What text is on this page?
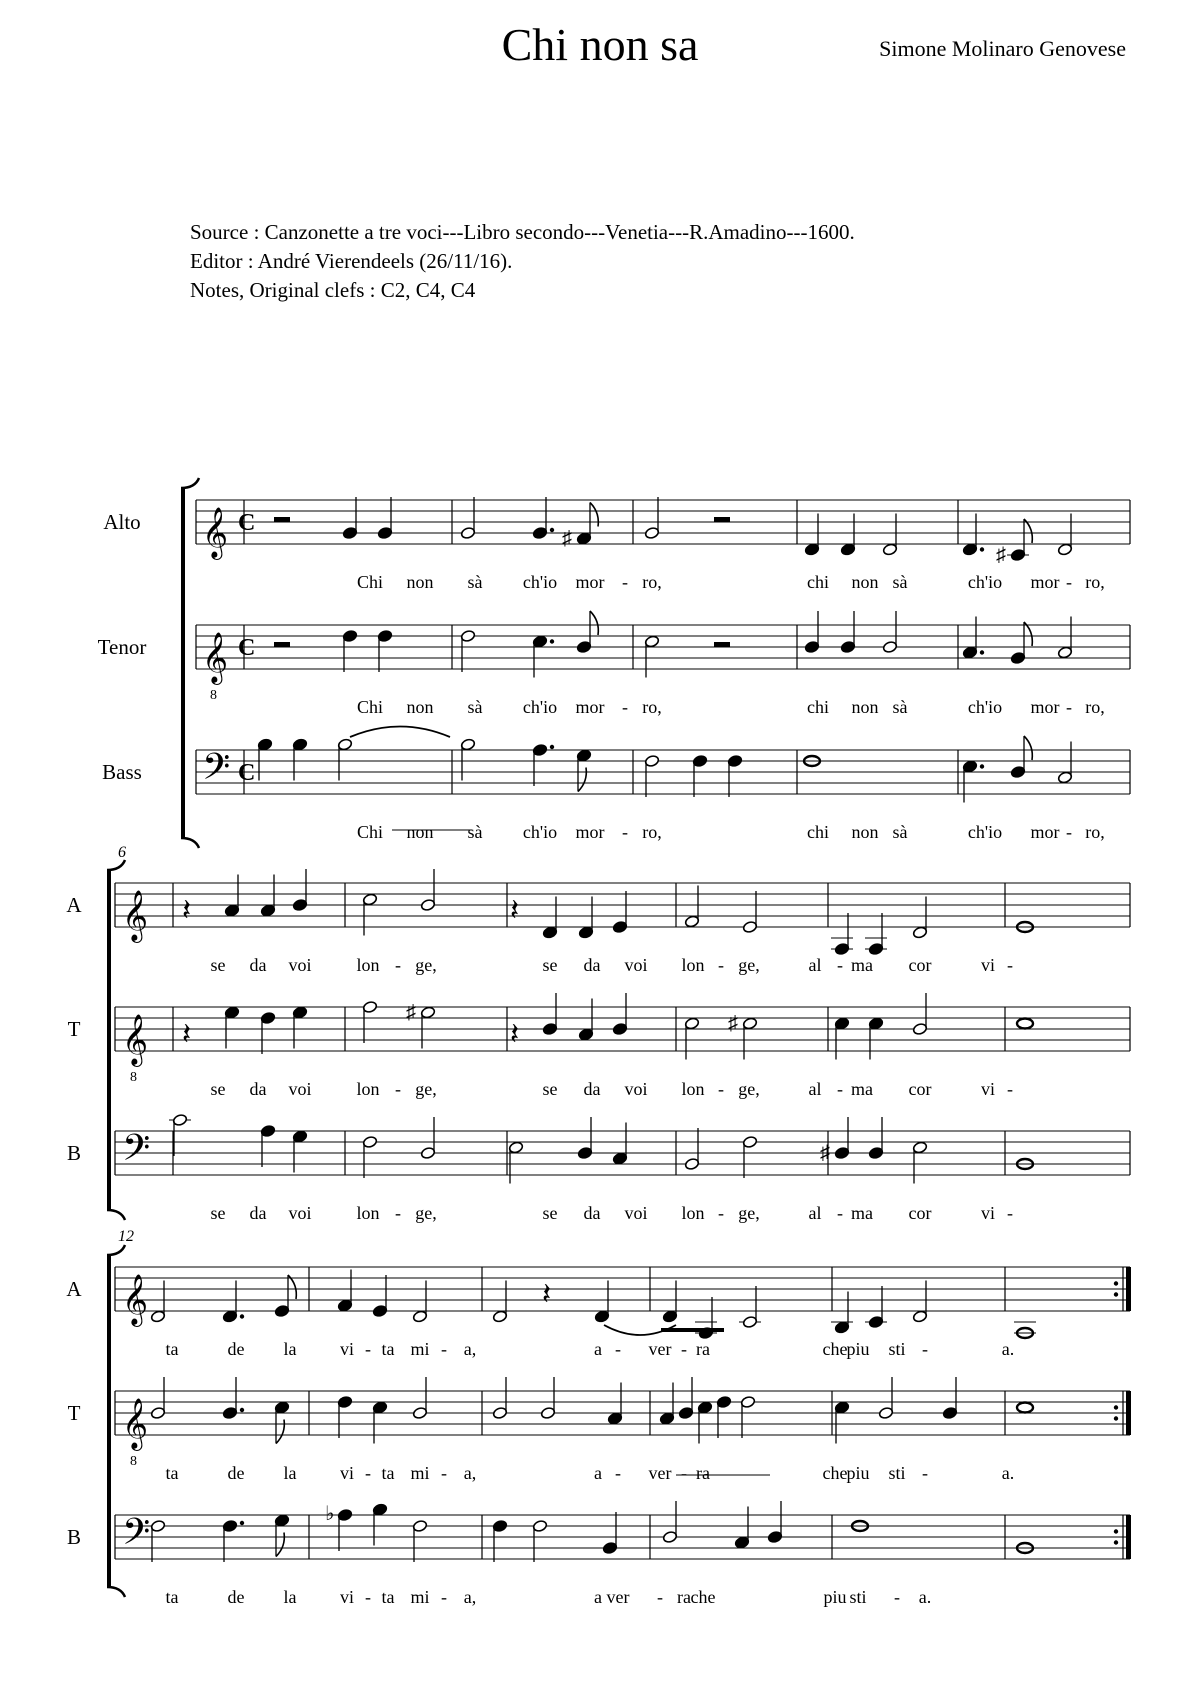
Chi non sa	Simone Molinaro Genovese
Source : Canzonette a tre voci---Libro secondo---Venetia---R.Amadino---1600.
Editor : André Vierendeels (26/11/16).
Notes, Original clefs : C2, C4, C4
Alto 𝄞 C
Chi non sà ch'io mor - ro,	chi non sà	ch'io mor - ro,
Tenor 𝄞
8
C
Chi non sà ch'io mor - ro,	chi non sà	ch'io mor - ro,
Bass 𝄢 C
Chi non sà ch'io mor - ro,	chi non sà	ch'io mor - ro,
6
A 𝄞
se da voi lon - ge,	se da voi lon - ge,	al - ma cor	vi -
T 𝄞
8
se da voi lon - ge,	se da voi lon - ge,	al - ma cor	vi -
B 𝄢
se da voi lon - ge,	se da voi lon - ge,	al - ma cor	vi -
12
A 𝄞
ta	de la vi - ta mi - a,	a - ver - ra	che piu sti -	a.
T 𝄞
8
ta	de la vi - ta mi - a,	a - ver - ra	che piu sti -	a.
B 𝄢
ta	de la vi - ta mi - a,	a ver - ra che	piu sti - a.
♯
♯
𝄽	𝄽
𝄽
♯
𝄽	♯
♯
𝄽
♭
